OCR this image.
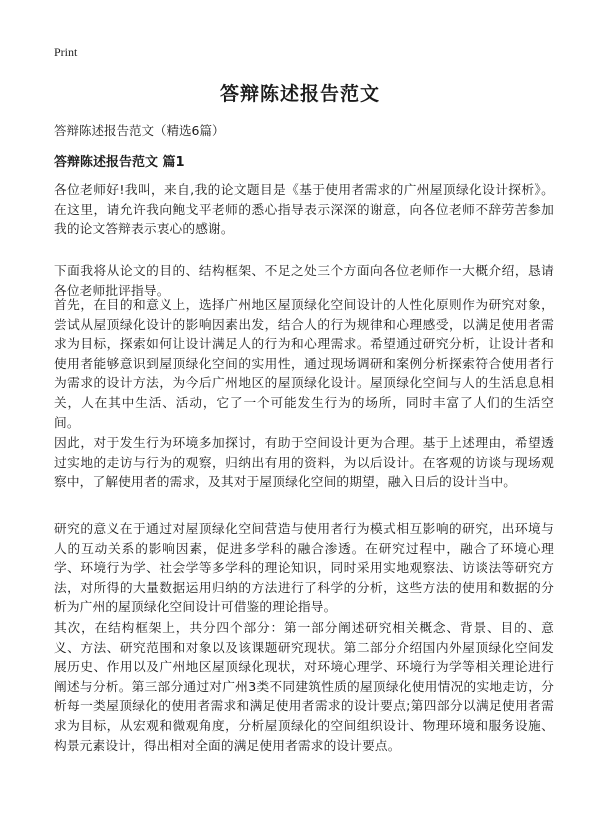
Print
答辩陈述报告范文
答辩陈述报告范文（精选6篇）
答辩陈述报告范文 篇1

各位老师好!我叫，来自,我的论文题目是《基于使用者需求的广州屋顶绿化设计探析》。在这里，请允许我向鲍戈平老师的悉心指导表示深深的谢意，向各位老师不辞劳苦参加我的论文答辩表示衷心的感谢。

下面我将从论文的目的、结构框架、不足之处三个方面向各位老师作一大概介绍，恳请各位老师批评指导。

首先，在目的和意义上，选择广州地区屋顶绿化空间设计的人性化原则作为研究对象，尝试从屋顶绿化设计的影响因素出发，结合人的行为规律和心理感受，以满足使用者需求为目标，探索如何让设计满足人的行为和心理需求。希望通过研究分析，让设计者和使用者能够意识到屋顶绿化空间的实用性，通过现场调研和案例分析探索符合使用者行为需求的设计方法，为今后广州地区的屋顶绿化设计。屋顶绿化空间与人的生活息息相关，人在其中生活、活动，它了一个可能发生行为的场所，同时丰富了人们的生活空间。

因此，对于发生行为环境多加探讨，有助于空间设计更为合理。基于上述理由，希望透过实地的走访与行为的观察，归纳出有用的资料，为以后设计。在客观的访谈与现场观察中，了解使用者的需求，及其对于屋顶绿化空间的期望，融入日后的设计当中。

研究的意义在于通过对屋顶绿化空间营造与使用者行为模式相互影响的研究，出环境与人的互动关系的影响因素，促进多学科的融合渗透。在研究过程中，融合了环境心理学、环境行为学、社会学等多学科的理论知识，同时采用实地观察法、访谈法等研究方法，对所得的大量数据运用归纳的方法进行了科学的分析，这些方法的使用和数据的分析为广州的屋顶绿化空间设计可借鉴的理论指导。

其次，在结构框架上，共分四个部分：第一部分阐述研究相关概念、背景、目的、意义、方法、研究范围和对象以及该课题研究现状。第二部分介绍国内外屋顶绿化空间发展历史、作用以及广州地区屋顶绿化现状，对环境心理学、环境行为学等相关理论进行阐述与分析。第三部分通过对广州3类不同建筑性质的屋顶绿化使用情况的实地走访，分析每一类屋顶绿化的使用者需求和满足使用者需求的设计要点;第四部分以满足使用者需求为目标，从宏观和微观角度，分析屋顶绿化的空间组织设计、物理环境和服务设施、构景元素设计，得出相对全面的满足使用者需求的设计要点。
